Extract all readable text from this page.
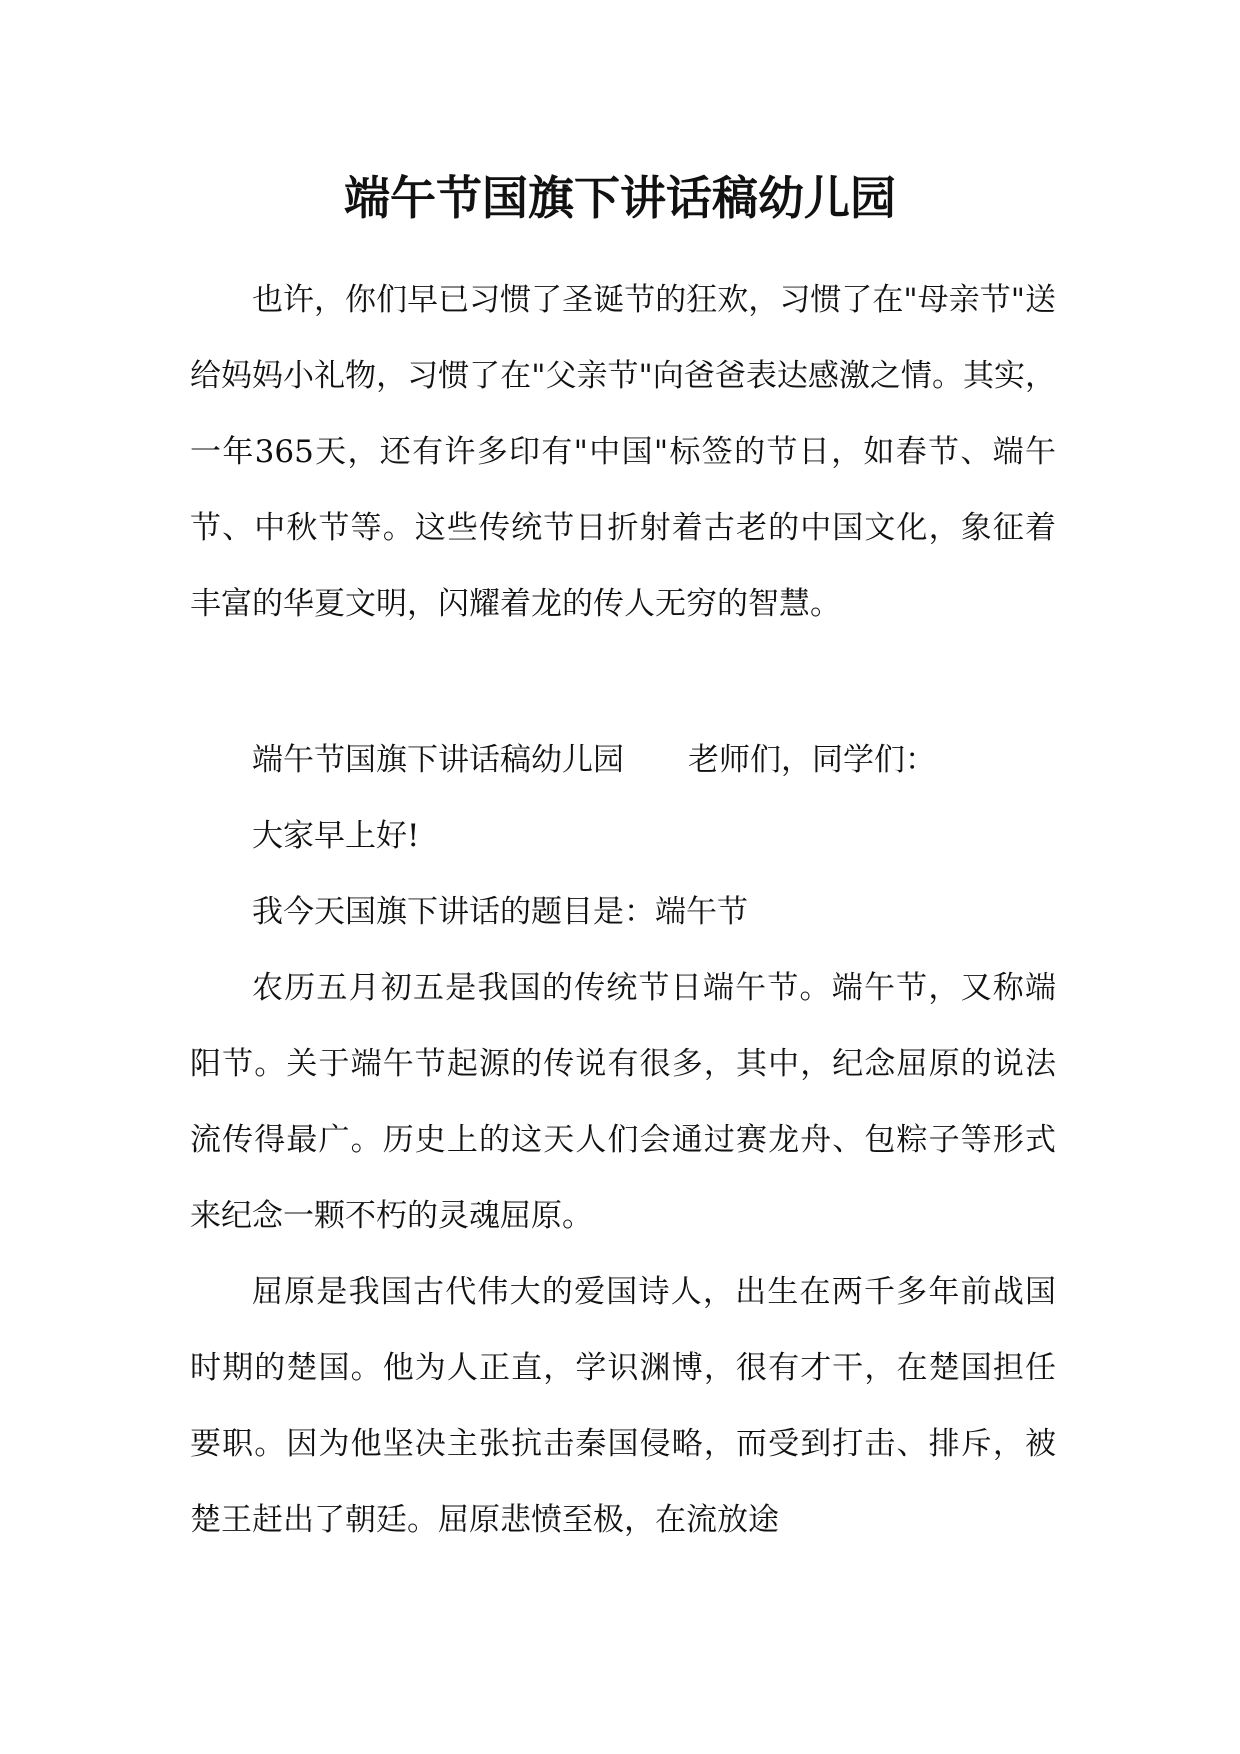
端午节国旗下讲话稿幼儿园

也许，你们早已习惯了圣诞节的狂欢，习惯了在"母亲节"送给妈妈小礼物，习惯了在"父亲节"向爸爸表达感激之情。其实，一年365天，还有许多印有"中国"标签的节日，如春节、端午节、中秋节等。这些传统节日折射着古老的中国文化，象征着丰富的华夏文明，闪耀着龙的传人无穷的智慧。

端午节国旗下讲话稿幼儿园 老师们，同学们：

大家早上好!

我今天国旗下讲话的题目是：端午节

农历五月初五是我国的传统节日端午节。端午节，又称端阳节。关于端午节起源的传说有很多，其中，纪念屈原的说法流传得最广。历史上的这天人们会通过赛龙舟、包粽子等形式来纪念一颗不朽的灵魂屈原。

屈原是我国古代伟大的爱国诗人，出生在两千多年前战国时期的楚国。他为人正直，学识渊博，很有才干，在楚国担任要职。因为他坚决主张抗击秦国侵略，而受到打击、排斥，被楚王赶出了朝廷。屈原悲愤至极，在流放途
